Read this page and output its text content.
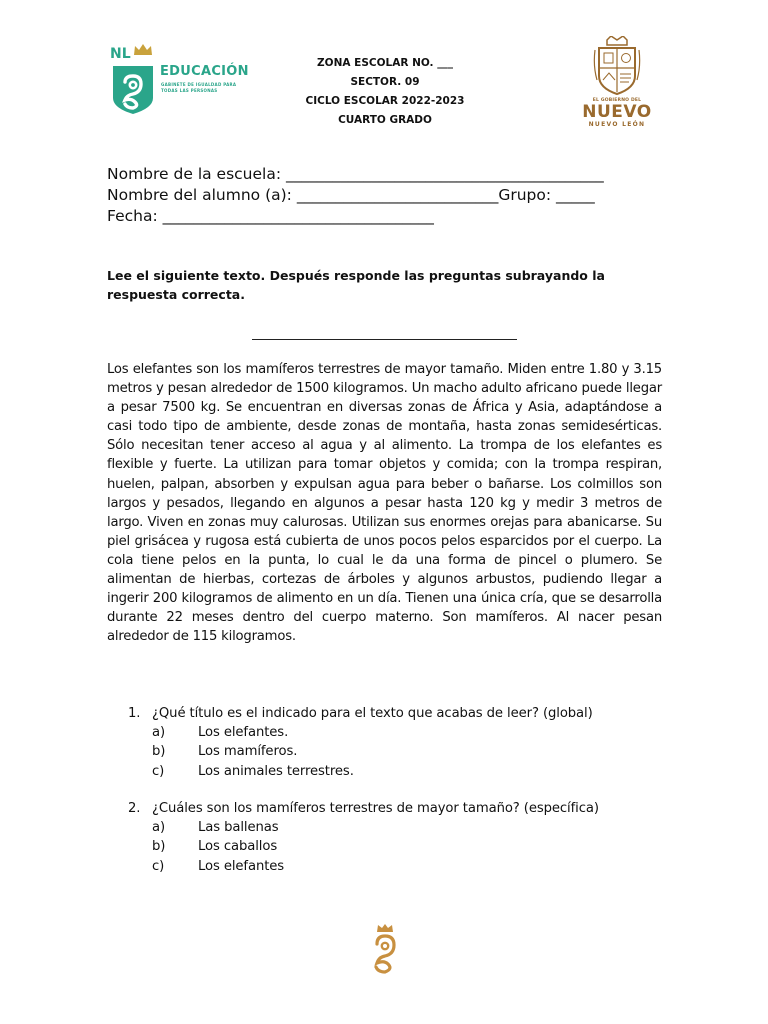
NL
EDUCACIÓN
GABINETE DE IGUALDAD PARA TODAS LAS PERSONAS
ZONA ESCOLAR NO. ___
SECTOR. 09
CICLO ESCOLAR 2022-2023
CUARTO GRADO
EL GOBIERNO DEL
NUEVO
NUEVO LEÓN
Nombre de la escuela: _________________________________________
Nombre del alumno (a): __________________________Grupo: _____
Fecha: ___________________________________
Lee el siguiente texto. Después responde las preguntas subrayando la respuesta correcta.
Los elefantes son los mamíferos terrestres de mayor tamaño. Miden entre 1.80 y 3.15 metros y pesan alrededor de 1500 kilogramos. Un macho adulto africano puede llegar a pesar 7500 kg. Se encuentran en diversas zonas de África y Asia, adaptándose a casi todo tipo de ambiente, desde zonas de montaña, hasta zonas semidesérticas. Sólo necesitan tener acceso al agua y al alimento. La trompa de los elefantes es flexible y fuerte. La utilizan para tomar objetos y comida; con la trompa respiran, huelen, palpan, absorben y expulsan agua para beber o bañarse. Los colmillos son largos y pesados, llegando en algunos a pesar hasta 120 kg y medir 3 metros de largo. Viven en zonas muy calurosas. Utilizan sus enormes orejas para abanicarse. Su piel grisácea y rugosa está cubierta de unos pocos pelos esparcidos por el cuerpo. La cola tiene pelos en la punta, lo cual le da una forma de pincel o plumero. Se alimentan de hierbas, cortezas de árboles y algunos arbustos, pudiendo llegar a ingerir 200 kilogramos de alimento en un día. Tienen una única cría, que se desarrolla durante 22 meses dentro del cuerpo materno. Son mamíferos. Al nacer pesan alrededor de 115 kilogramos.
1. ¿Qué título es el indicado para el texto que acabas de leer? (global)
a) Los elefantes.
b) Los mamíferos.
c)	Los animales terrestres.
2. ¿Cuáles son los mamíferos terrestres de mayor tamaño? (específica)
a) Las ballenas
b) Los caballos
c)	Los elefantes
